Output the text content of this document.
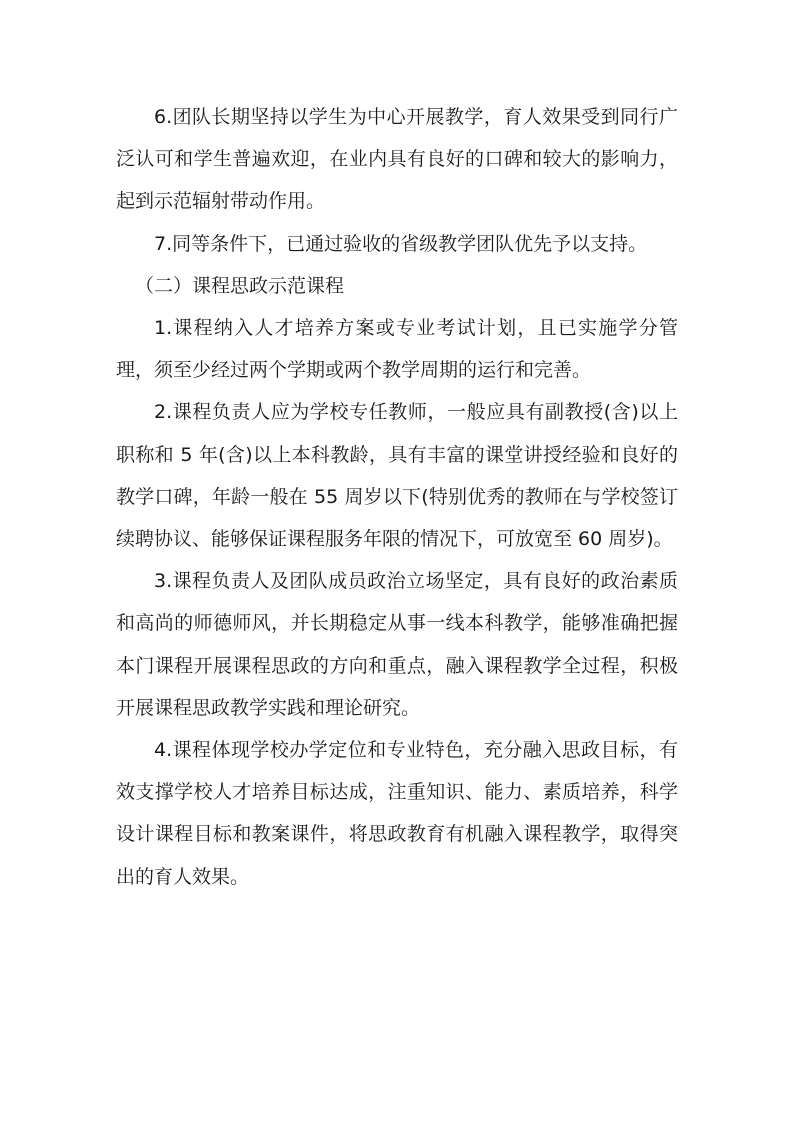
6.团队长期坚持以学生为中心开展教学，育人效果受到同行广泛认可和学生普遍欢迎，在业内具有良好的口碑和较大的影响力，起到示范辐射带动作用。

7.同等条件下，已通过验收的省级教学团队优先予以支持。

（二）课程思政示范课程

1.课程纳入人才培养方案或专业考试计划，且已实施学分管理，须至少经过两个学期或两个教学周期的运行和完善。

2.课程负责人应为学校专任教师，一般应具有副教授(含)以上职称和 5 年(含)以上本科教龄，具有丰富的课堂讲授经验和良好的教学口碑，年龄一般在 55 周岁以下(特别优秀的教师在与学校签订续聘协议、能够保证课程服务年限的情况下，可放宽至 60 周岁)。

3.课程负责人及团队成员政治立场坚定，具有良好的政治素质和高尚的师德师风，并长期稳定从事一线本科教学，能够准确把握本门课程开展课程思政的方向和重点，融入课程教学全过程，积极开展课程思政教学实践和理论研究。

4.课程体现学校办学定位和专业特色，充分融入思政目标，有效支撑学校人才培养目标达成，注重知识、能力、素质培养，科学设计课程目标和教案课件，将思政教育有机融入课程教学，取得突出的育人效果。
